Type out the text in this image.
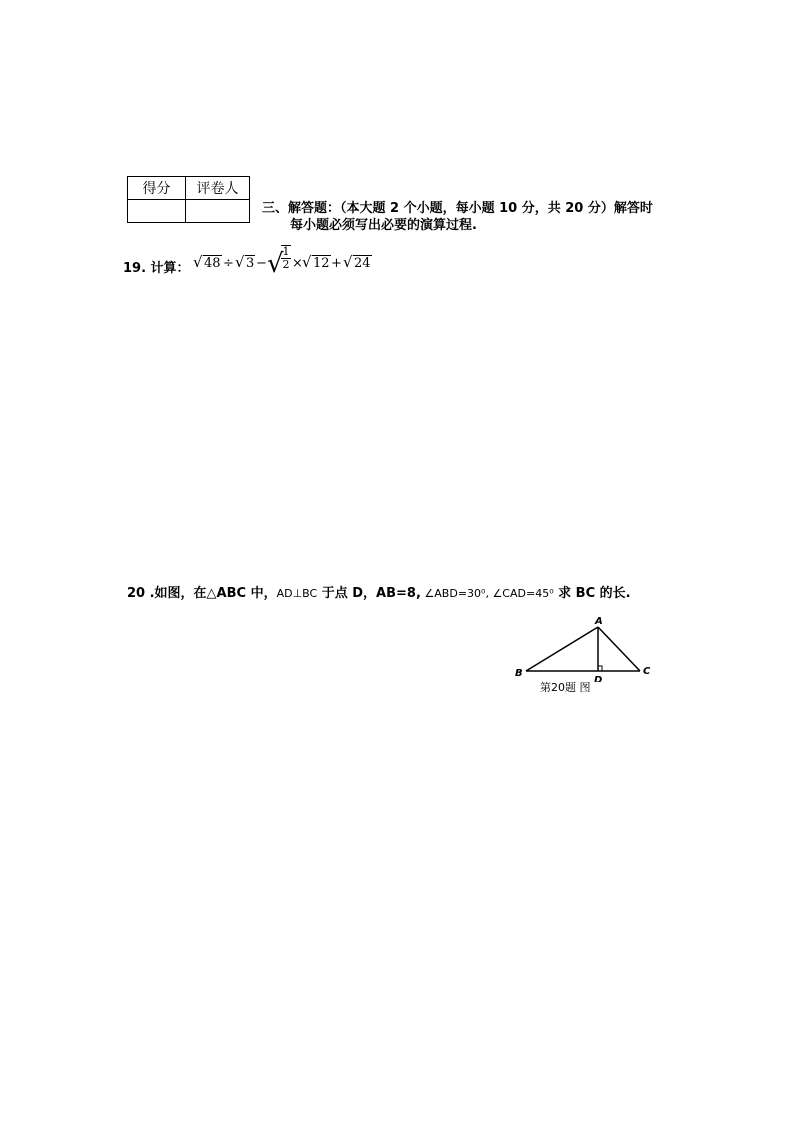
得分	评卷人

三、解答题：（本大题 2 个小题，每小题 10 分，共 20 分）解答时
每小题必须写出必要的演算过程.
19. 计算： √ 48 ÷ √ 3 − √
$\frac{1}{2}$ × √ 12 + √ 24
20 .如图，在△ABC 中，AD⊥BC 于点 D，AB=8, ∠ABD=30⁰, ∠CAD=45⁰ 求 BC 的长.
A
B	C
D
第20题 图
